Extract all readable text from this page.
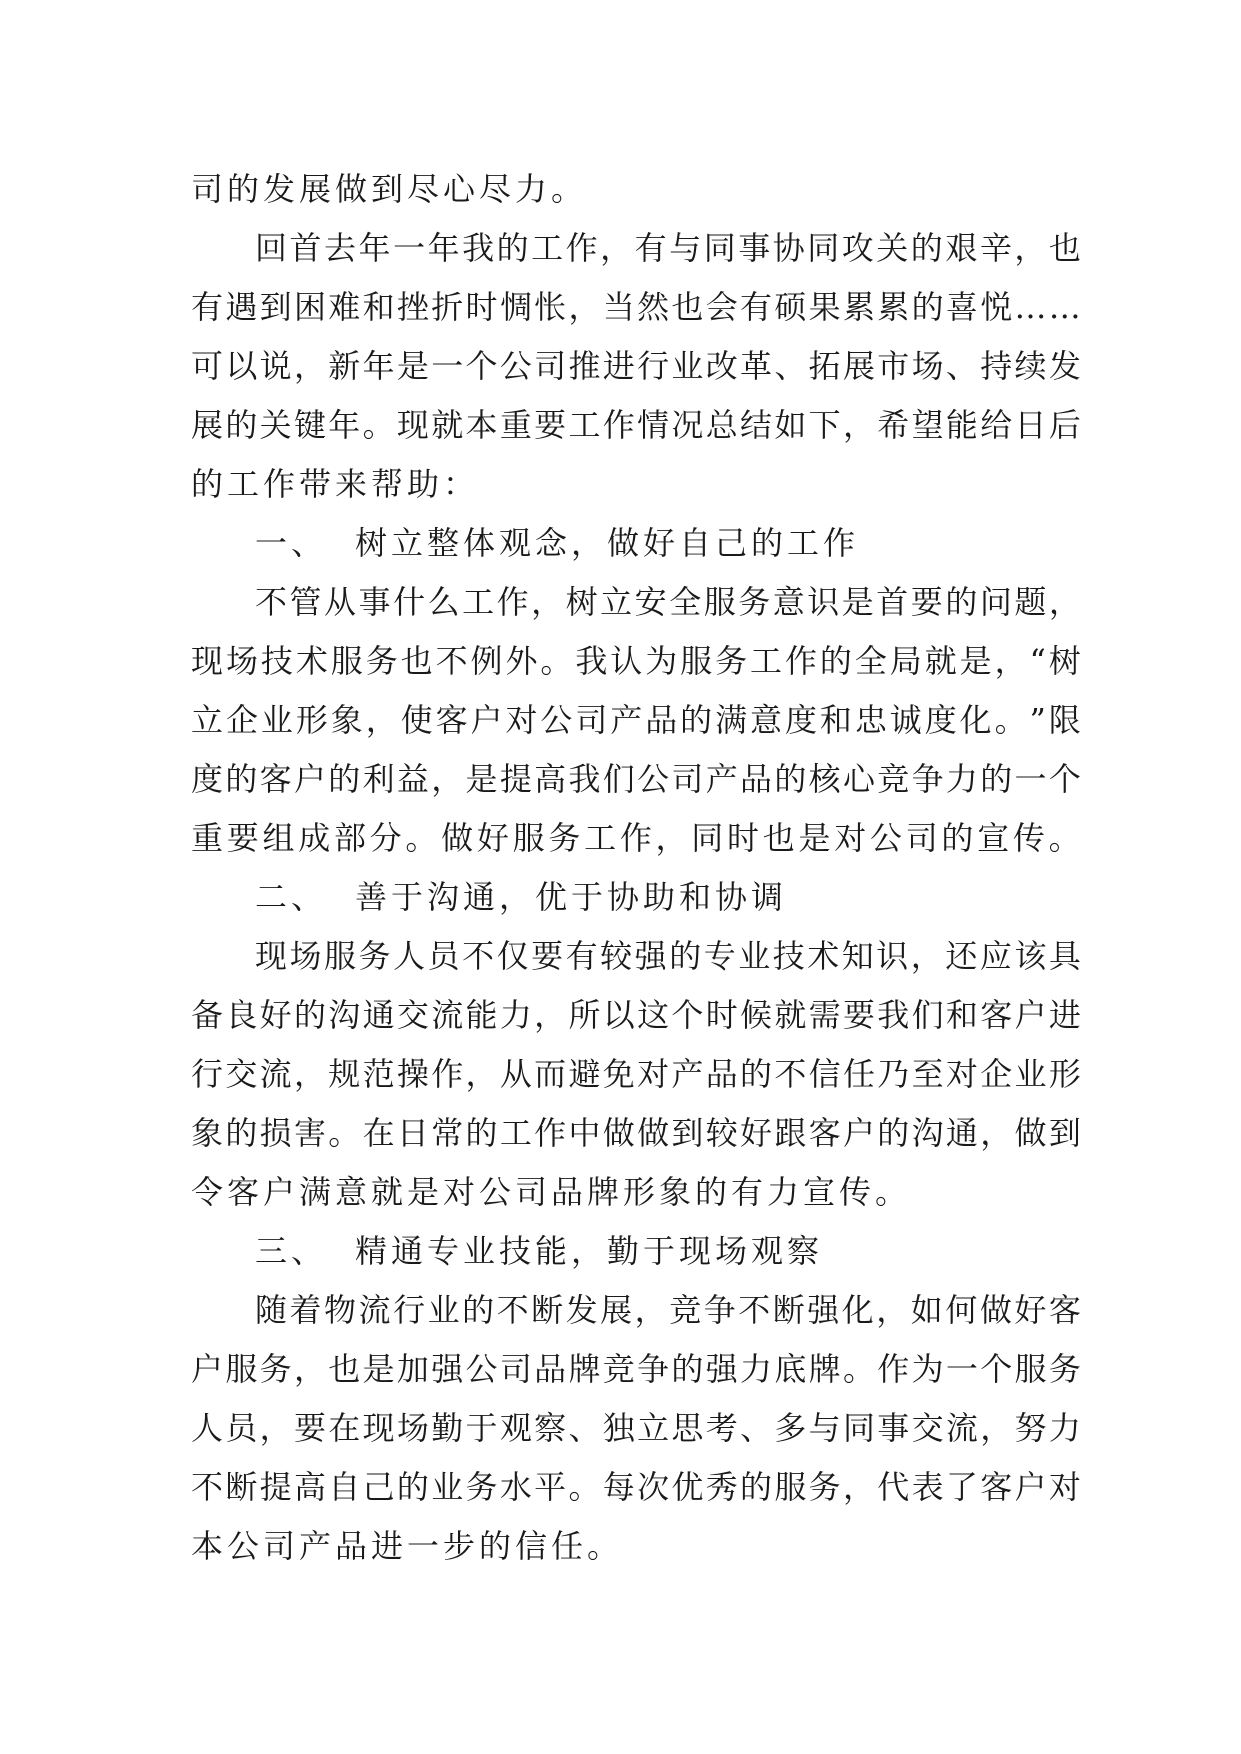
司的发展做到尽心尽力。
回 首 去 年 一 年 我 的 工 作 ， 有 与 同 事 协 同 攻 关 的 艰 辛 ， 也
有 遇 到 困 难 和 挫 折 时 惆 怅 ， 当 然 也 会 有 硕 果 累 累 的 喜 悦 … …
可 以 说 ， 新 年 是 一 个 公 司 推 进 行 业 改 革 、 拓 展 市 场 、 持 续 发
展 的 关 键 年 。 现 就 本 重 要 工 作 情 况 总 结 如 下 ， 希 望 能 给 日 后
的工作带来帮助：
一、 树立整体观念，做好自己的工作
不 管 从 事 什 么 工 作 ， 树 立 安 全 服 务 意 识 是 首 要 的 问 题 ，
现 场 技 术 服 务 也 不 例 外 。 我 认 为 服 务 工 作 的 全 局 就 是 ， “ 树
立 企 业 形 象 ， 使 客 户 对 公 司 产 品 的 满 意 度 和 忠 诚 度 化 。 ” 限
度 的 客 户 的 利 益 ， 是 提 高 我 们 公 司 产 品 的 核 心 竞 争 力 的 一 个
重 要 组 成 部 分 。 做 好 服 务 工 作 ， 同 时 也 是 对 公 司 的 宣 传 。
二、 善于沟通，优于协助和协调
现 场 服 务 人 员 不 仅 要 有 较 强 的 专 业 技 术 知 识 ， 还 应 该 具
备 良 好 的 沟 通 交 流 能 力 ， 所 以 这 个 时 候 就 需 要 我 们 和 客 户 进
行 交 流 ， 规 范 操 作 ， 从 而 避 免 对 产 品 的 不 信 任 乃 至 对 企 业 形
象 的 损 害 。 在 日 常 的 工 作 中 做 做 到 较 好 跟 客 户 的 沟 通 ， 做 到
令客户满意就是对公司品牌形象的有力宣传。
三、 精通专业技能，勤于现场观察
随 着 物 流 行 业 的 不 断 发 展 ， 竞 争 不 断 强 化 ， 如 何 做 好 客
户 服 务 ， 也 是 加 强 公 司 品 牌 竞 争 的 强 力 底 牌 。 作 为 一 个 服 务
人 员 ， 要 在 现 场 勤 于 观 察 、 独 立 思 考 、 多 与 同 事 交 流 ， 努 力
不 断 提 高 自 己 的 业 务 水 平 。 每 次 优 秀 的 服 务 ， 代 表 了 客 户 对
本公司产品进一步的信任。
